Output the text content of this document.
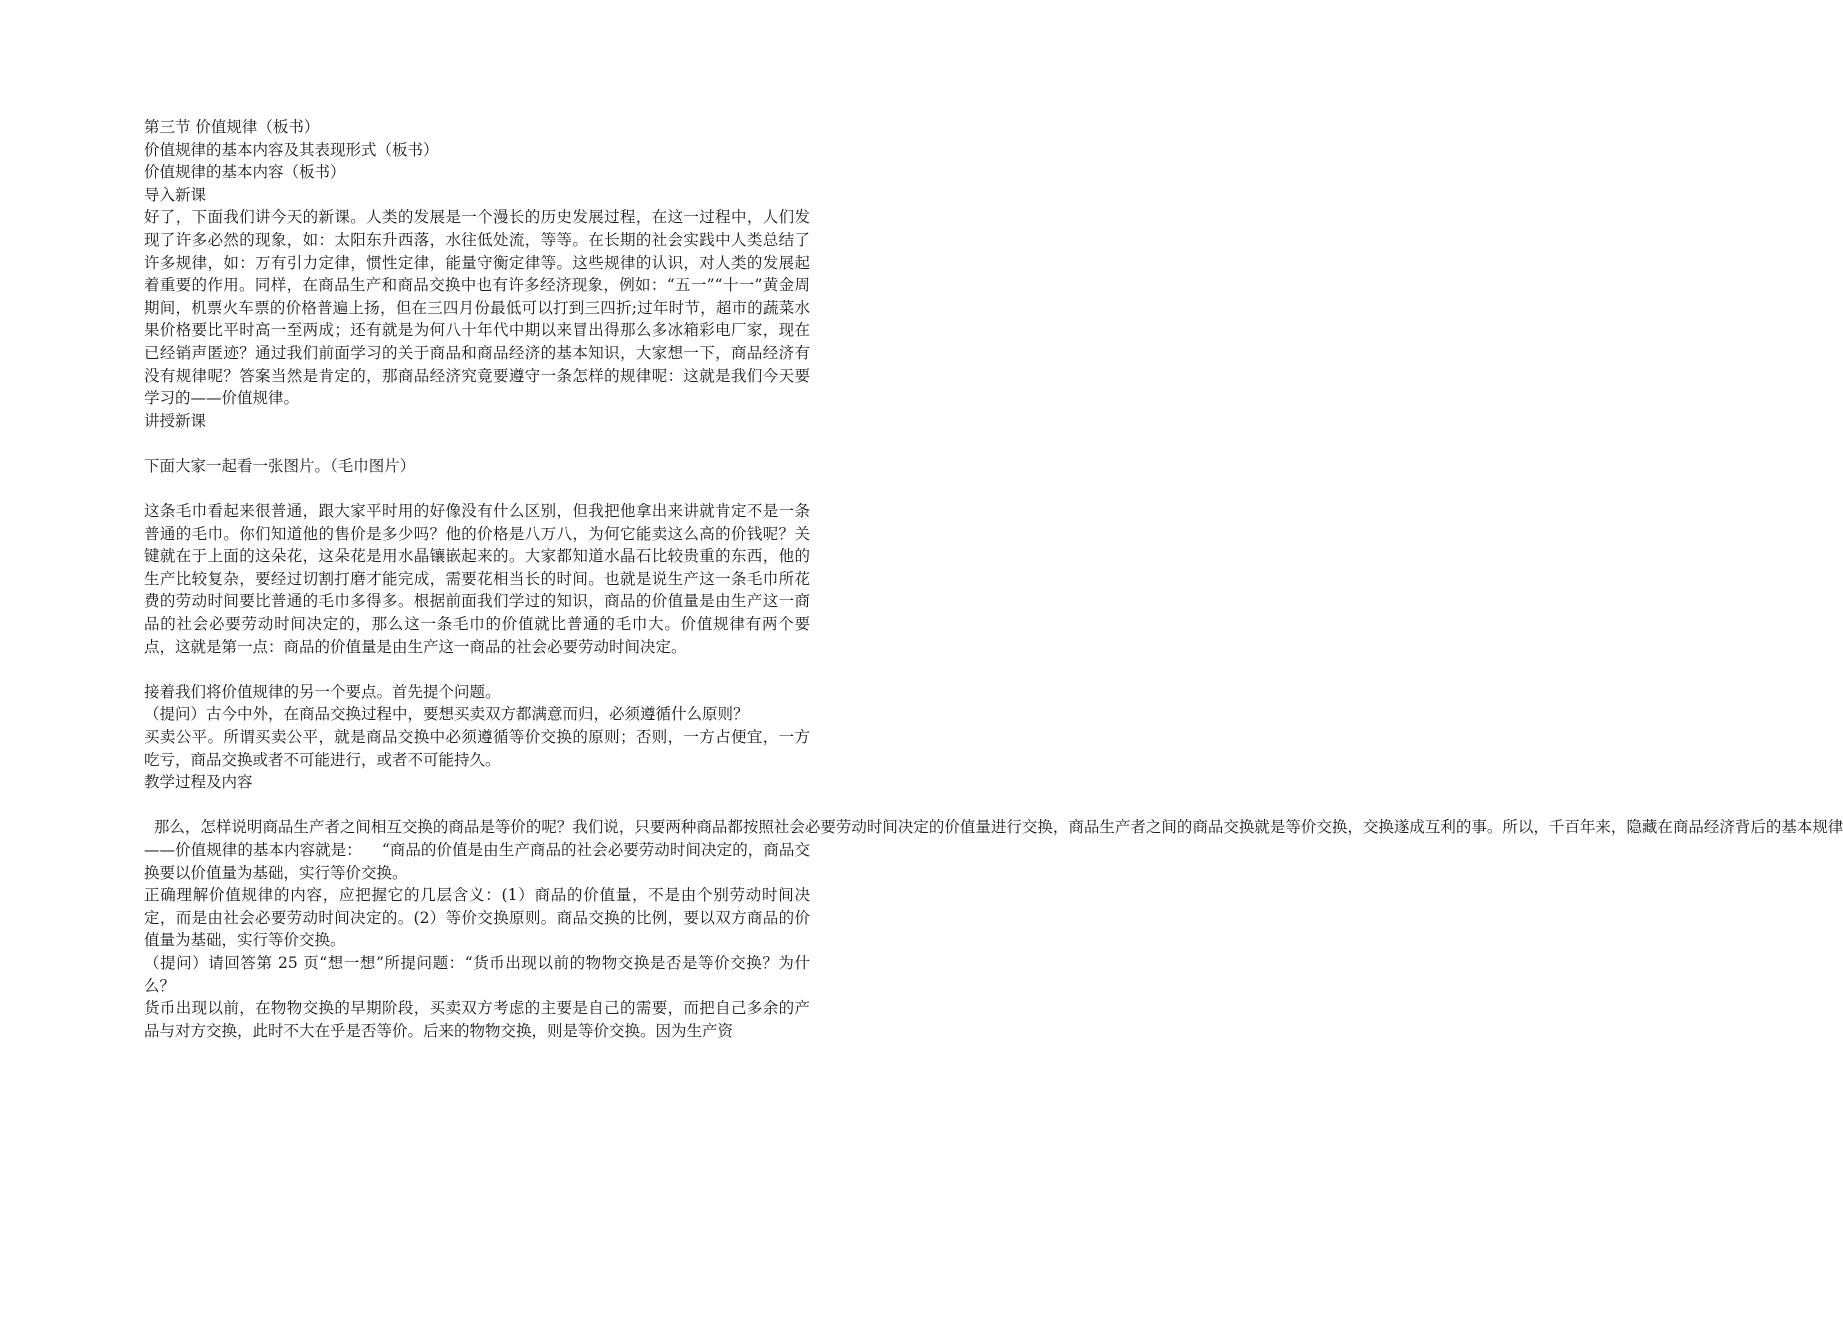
第三节 价值规律（板书）

价值规律的基本内容及其表现形式（板书）

价值规律的基本内容（板书）

导入新课

好了，下面我们讲今天的新课。人类的发展是一个漫长的历史发展过程，在这一过程中，人们发现了许多必然的现象，如：太阳东升西落，水往低处流，等等。在长期的社会实践中人类总结了许多规律，如：万有引力定律，惯性定律，能量守衡定律等。这些规律的认识，对人类的发展起着重要的作用。同样，在商品生产和商品交换中也有许多经济现象，例如：“五一”“十一”黄金周期间，机票火车票的价格普遍上扬，但在三四月份最低可以打到三四折;过年时节，超市的蔬菜水果价格要比平时高一至两成；还有就是为何八十年代中期以来冒出得那么多冰箱彩电厂家，现在已经销声匿迹？通过我们前面学习的关于商品和商品经济的基本知识，大家想一下，商品经济有没有规律呢？答案当然是肯定的，那商品经济究竟要遵守一条怎样的规律呢：这就是我们今天要学习的——价值规律。

讲授新课

下面大家一起看一张图片。（毛巾图片）

这条毛巾看起来很普通，跟大家平时用的好像没有什么区别，但我把他拿出来讲就肯定不是一条普通的毛巾。你们知道他的售价是多少吗？他的价格是八万八，为何它能卖这么高的价钱呢？关键就在于上面的这朵花，这朵花是用水晶镶嵌起来的。大家都知道水晶石比较贵重的东西，他的生产比较复杂，要经过切割打磨才能完成，需要花相当长的时间。也就是说生产这一条毛巾所花费的劳动时间要比普通的毛巾多得多。根据前面我们学过的知识，商品的价值量是由生产这一商品的社会必要劳动时间决定的，那么这一条毛巾的价值就比普通的毛巾大。价值规律有两个要点，这就是第一点：商品的价值量是由生产这一商品的社会必要劳动时间决定。

接着我们将价值规律的另一个要点。首先提个问题。

（提问）古今中外，在商品交换过程中，要想买卖双方都满意而归，必须遵循什么原则？

买卖公平。所谓买卖公平，就是商品交换中必须遵循等价交换的原则；否则，一方占便宜，一方吃亏，商品交换或者不可能进行，或者不可能持久。

教学过程及内容

那么，怎样说明商品生产者之间相互交换的商品是等价的呢？我们说，只要两种商品都按照社会必要劳动时间决定的价值量进行交换，商品生产者之间的商品交换就是等价交换，交换遂成互利的事。所以，千百年来，隐藏在商品经济背后的基本规律——价值规律的基本内容就是： “商品的价值是由生产商品的社会必要劳动时间决定的，商品交换要以价值量为基础，实行等价交换。

正确理解价值规律的内容，应把握它的几层含义：(1）商品的价值量，不是由个别劳动时间决定，而是由社会必要劳动时间决定的。(2）等价交换原则。商品交换的比例，要以双方商品的价值量为基础，实行等价交换。

（提问）请回答第 25 页“想一想”所提问题：“货币出现以前的物物交换是否是等价交换？为什么？

货币出现以前，在物物交换的早期阶段，买卖双方考虑的主要是自己的需要，而把自己多余的产品与对方交换，此时不大在乎是否等价。后来的物物交换，则是等价交换。因为生产资
